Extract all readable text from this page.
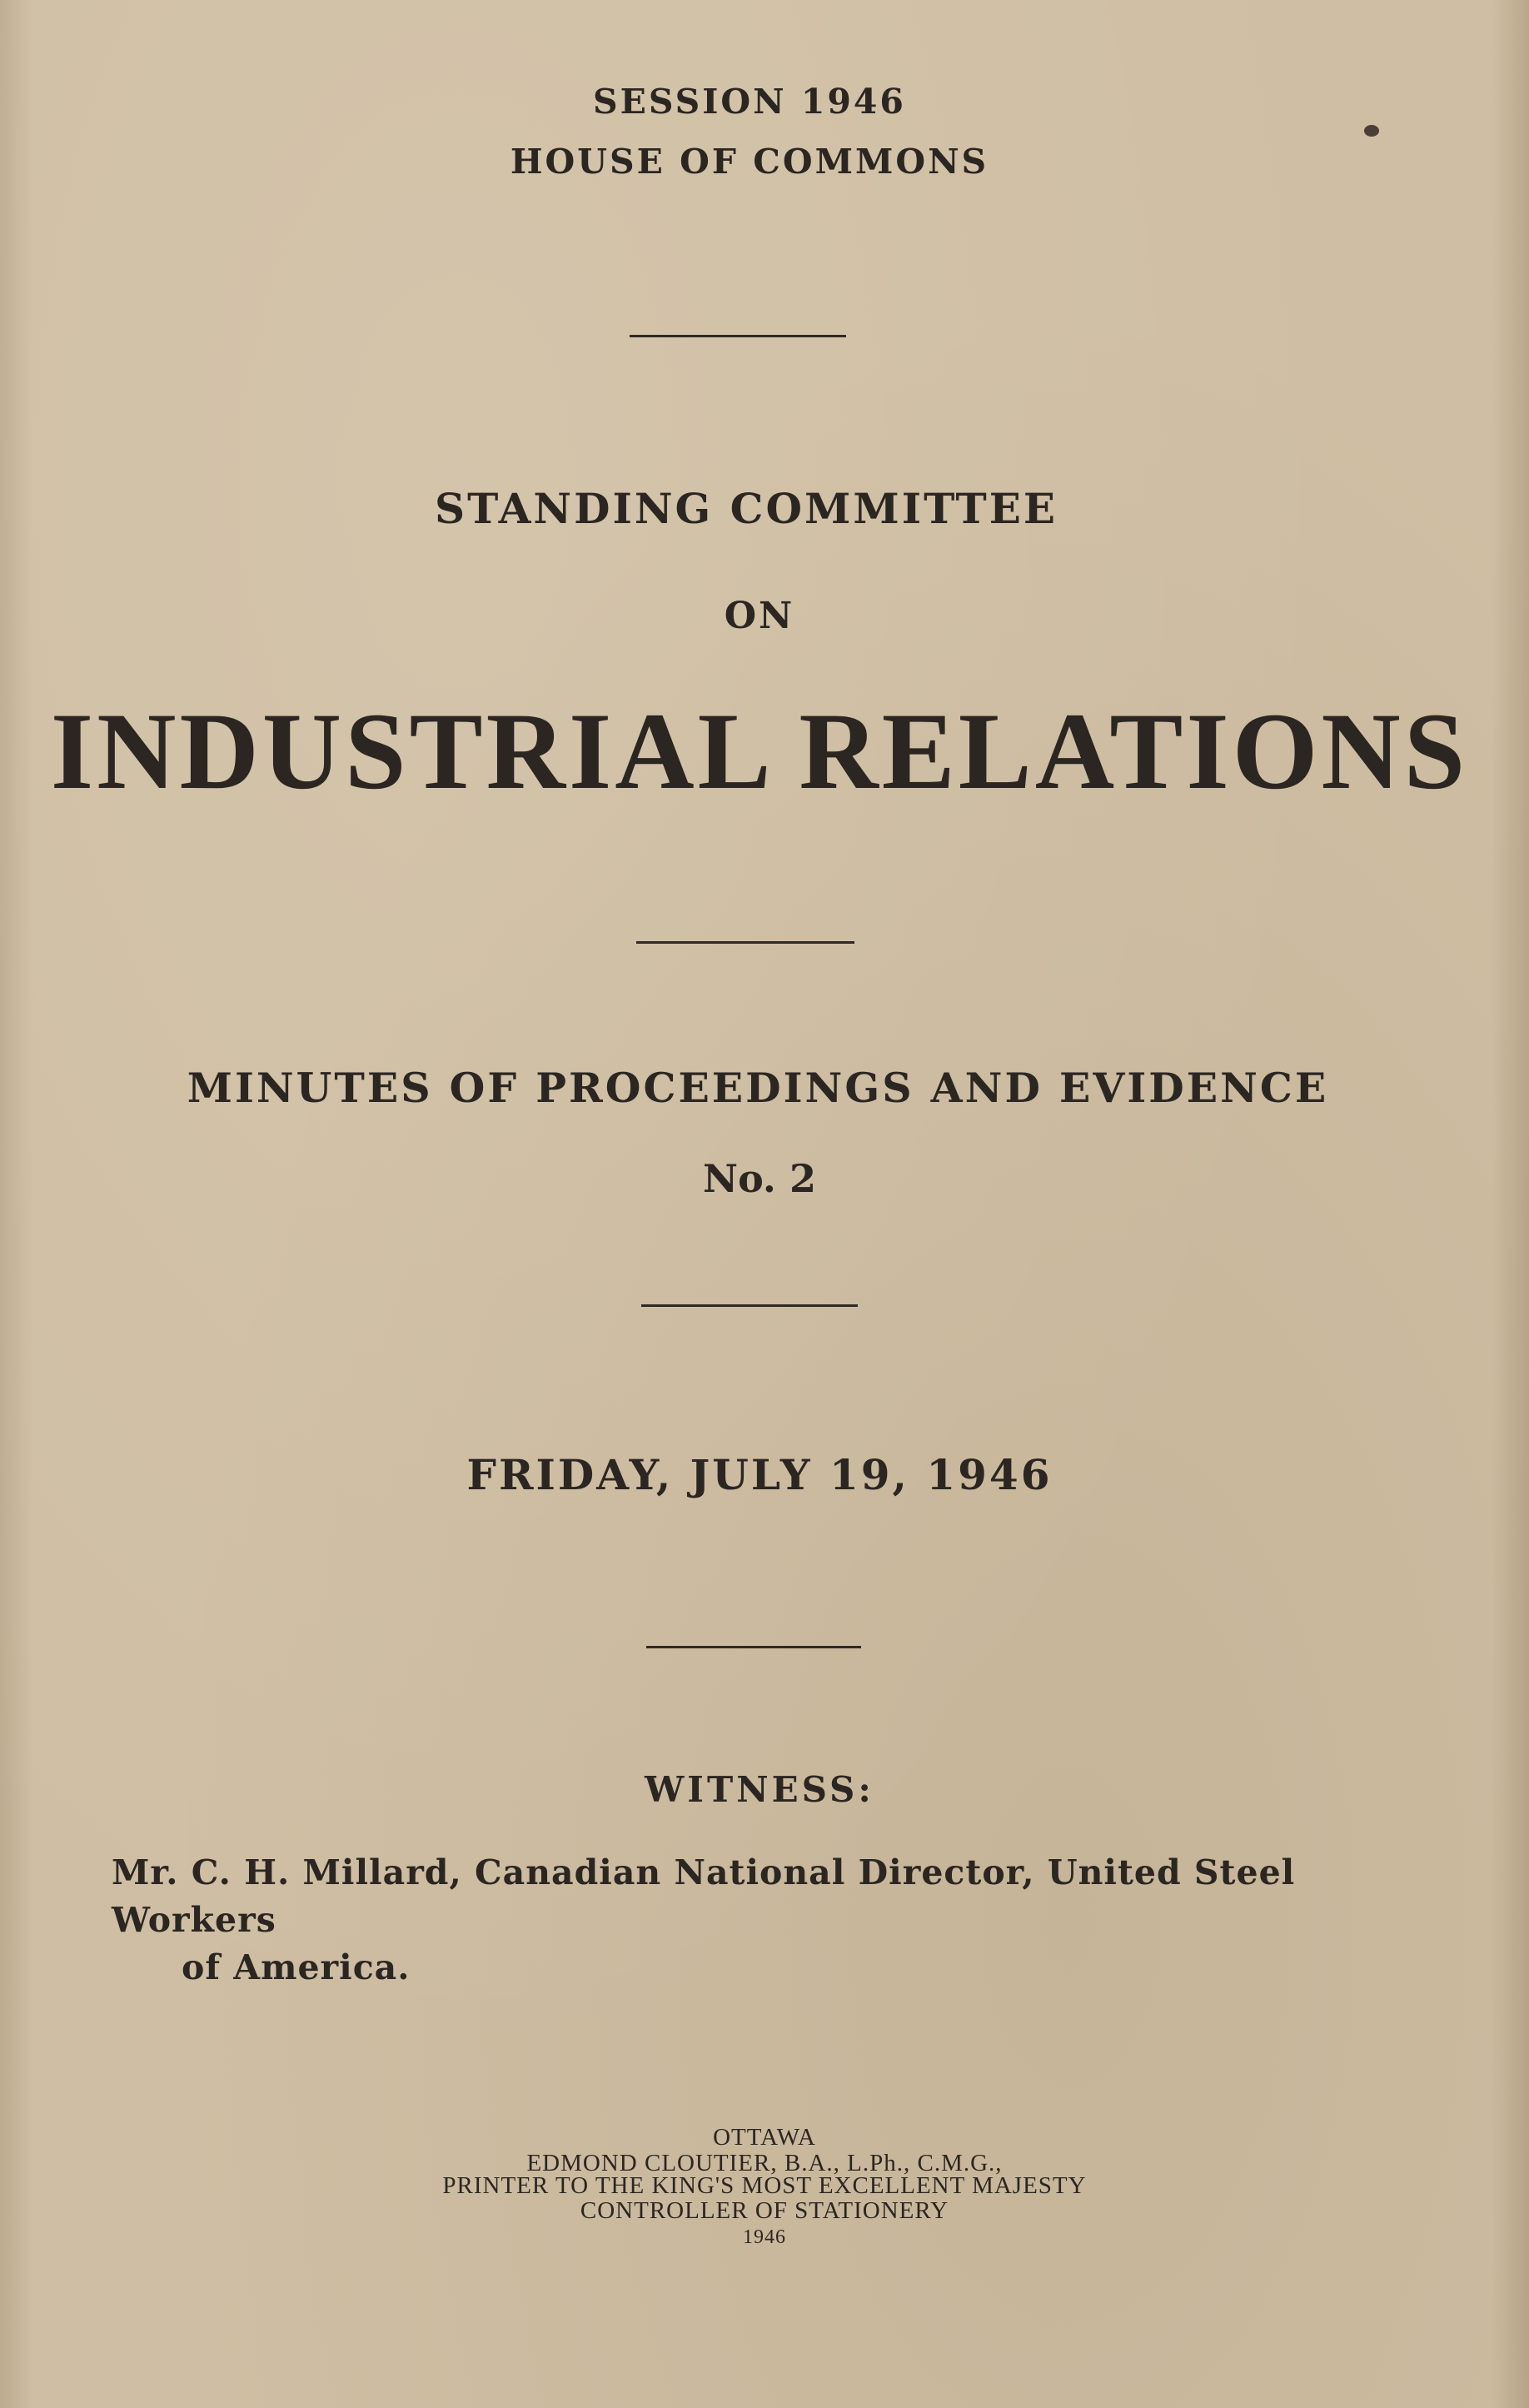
SESSION 1946
HOUSE OF COMMONS
STANDING COMMITTEE
ON
INDUSTRIAL RELATIONS
MINUTES OF PROCEEDINGS AND EVIDENCE
No. 2
FRIDAY, JULY 19, 1946
WITNESS:
Mr. C. H. Millard, Canadian National Director, United Steel Workers
of America.
OTTAWA
EDMOND CLOUTIER, B.A., L.Ph., C.M.G.,
PRINTER TO THE KING'S MOST EXCELLENT MAJESTY
CONTROLLER OF STATIONERY
1946
